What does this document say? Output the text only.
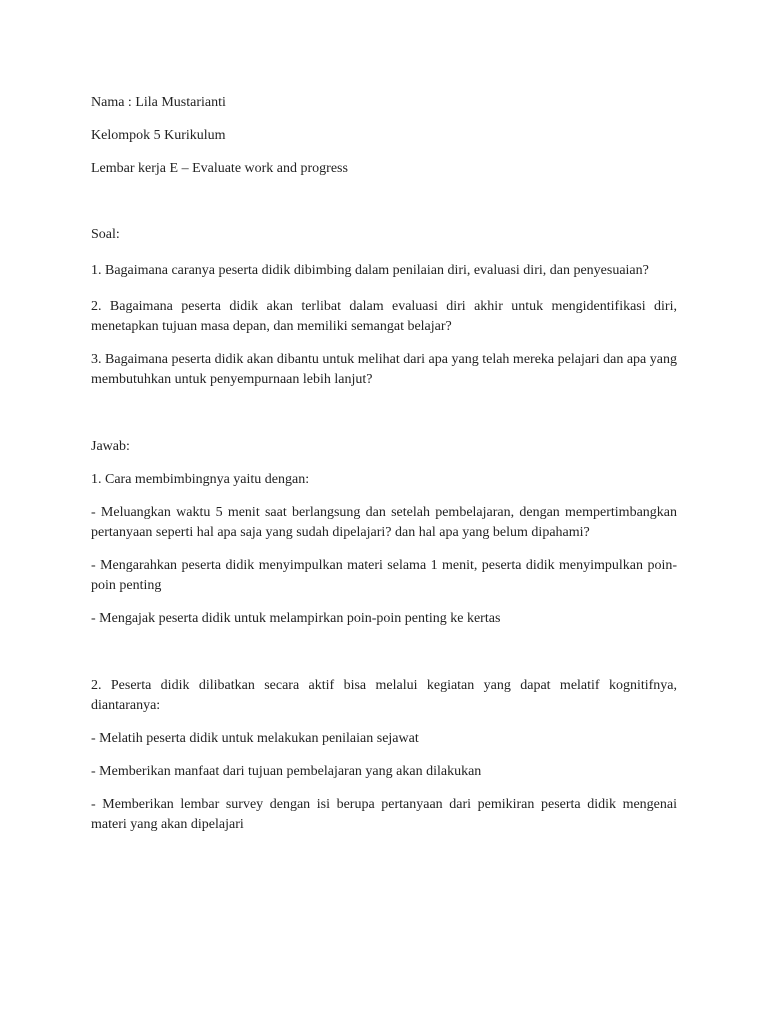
Nama : Lila Mustarianti

Kelompok 5 Kurikulum

Lembar kerja E – Evaluate work and progress

Soal:

1. Bagaimana caranya peserta didik dibimbing dalam penilaian diri, evaluasi diri, dan penyesuaian?

2. Bagaimana peserta didik akan terlibat dalam evaluasi diri akhir untuk mengidentifikasi diri, menetapkan tujuan masa depan, dan memiliki semangat belajar?

3. Bagaimana peserta didik akan dibantu untuk melihat dari apa yang telah mereka pelajari dan apa yang membutuhkan untuk penyempurnaan lebih lanjut?

Jawab:

1. Cara membimbingnya yaitu dengan:

- Meluangkan waktu 5 menit saat berlangsung dan setelah pembelajaran, dengan mempertimbangkan pertanyaan seperti hal apa saja yang sudah dipelajari? dan hal apa yang belum dipahami?

- Mengarahkan peserta didik menyimpulkan materi selama 1 menit, peserta didik menyimpulkan poin-poin penting

- Mengajak peserta didik untuk melampirkan poin-poin penting ke kertas

2. Peserta didik dilibatkan secara aktif bisa melalui kegiatan yang dapat melatif kognitifnya, diantaranya:

- Melatih peserta didik untuk melakukan penilaian sejawat

- Memberikan manfaat dari tujuan pembelajaran yang akan dilakukan

- Memberikan lembar survey dengan isi berupa pertanyaan dari pemikiran peserta didik mengenai materi yang akan dipelajari
